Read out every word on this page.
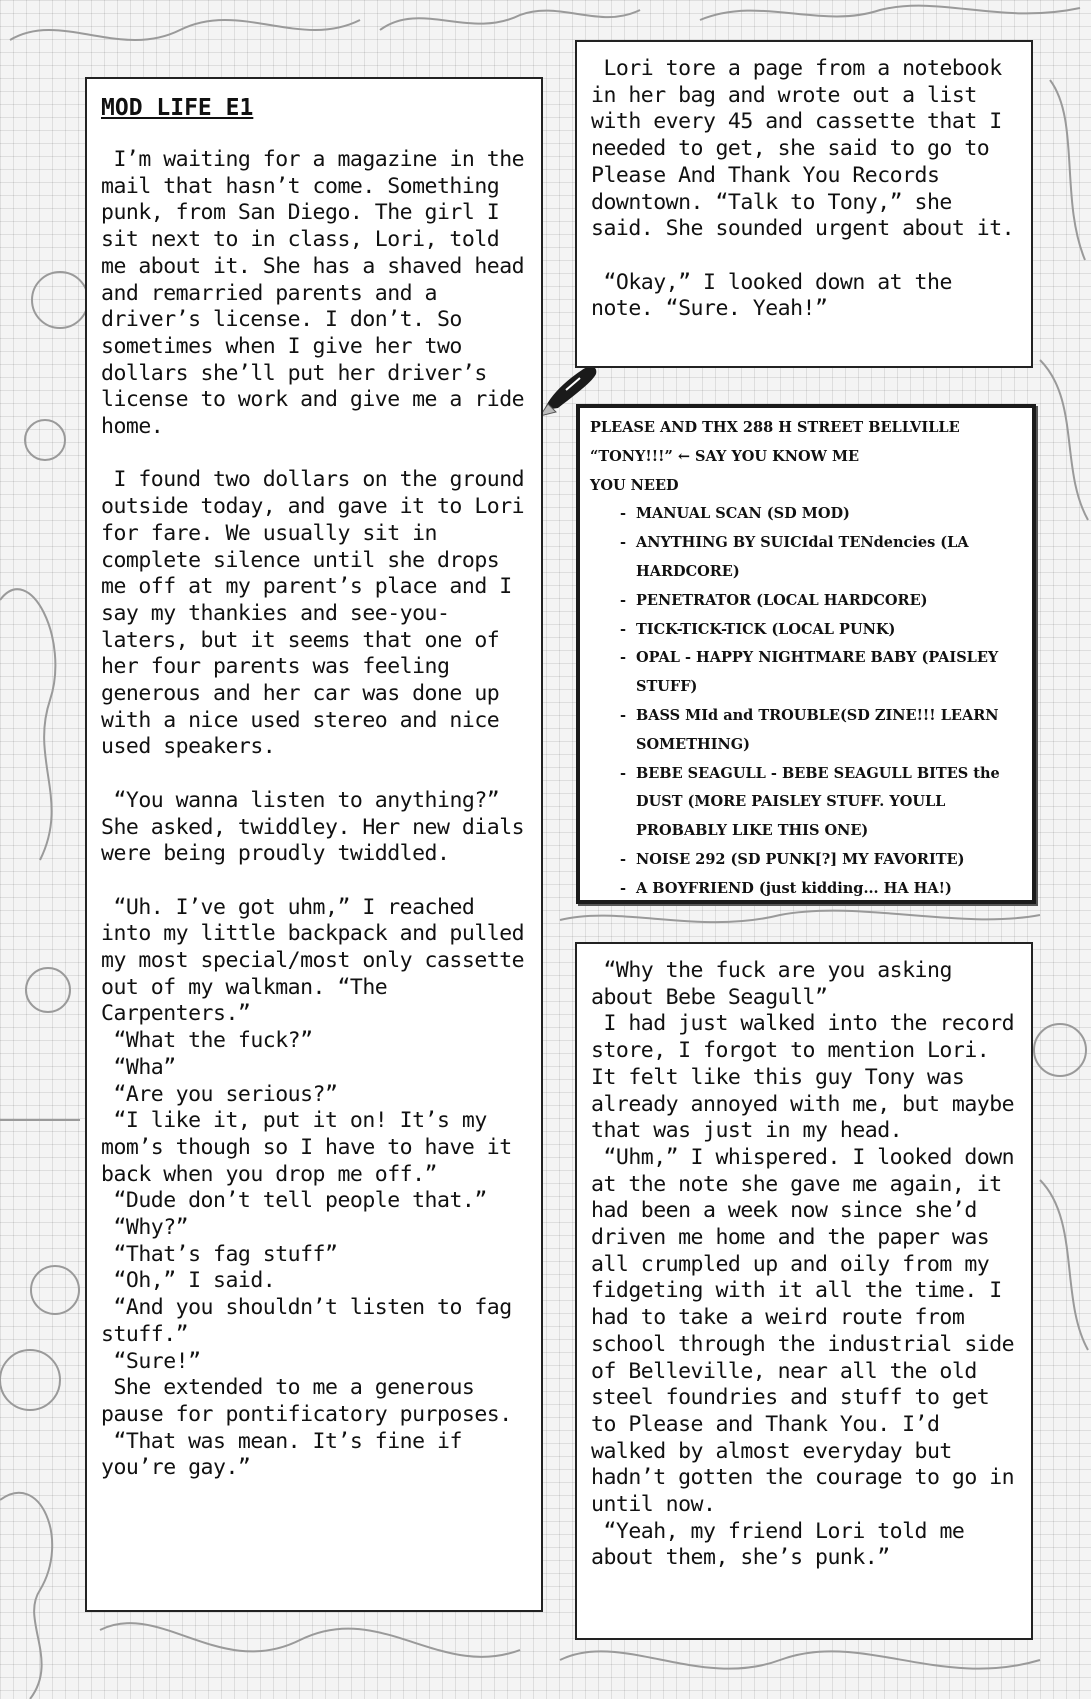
MOD LIFE E1

I’m waiting for a magazine in the mail that hasn’t come. Something punk, from San Diego. The girl I sit next to in class, Lori, told me about it. She has a shaved head and remarried parents and a driver’s license. I don’t. So sometimes when I give her two dollars she’ll put her driver’s license to work and give me a ride home.

I found two dollars on the ground outside today, and gave it to Lori for fare. We usually sit in complete silence until she drops me off at my parent’s place and I say my thankies and see-you-laters, but it seems that one of her four parents was feeling generous and her car was done up with a nice used stereo and nice used speakers.

“You wanna listen to anything?” She asked, twiddley. Her new dials were being proudly twiddled.

“Uh. I’ve got uhm,” I reached into my little backpack and pulled my most special/most only cassette out of my walkman. “The Carpenters.”
“What the fuck?”
“Wha”
“Are you serious?”
“I like it, put it on! It’s my mom’s though so I have to have it back when you drop me off.”
“Dude don’t tell people that.”
“Why?”
“That’s fag stuff”
“Oh,” I said.
“And you shouldn’t listen to fag stuff.”
“Sure!”
She extended to me a generous pause for pontificatory purposes.
“That was mean. It’s fine if you’re gay.”

Lori tore a page from a notebook in her bag and wrote out a list with every 45 and cassette that I needed to get, she said to go to Please And Thank You Records downtown. “Talk to Tony,” she said. She sounded urgent about it.

“Okay,” I looked down at the note. “Sure. Yeah!”

PLEASE AND THX 288 H STREET BELLVILLE

“TONY!!!” ← SAY YOU KNOW ME

YOU NEED

- MANUAL SCAN (SD MOD)
- ANYTHING BY SUICIdal TENdencies (LA HARDCORE)
- PENETRATOR (LOCAL HARDCORE)
- TICK-TICK-TICK (LOCAL PUNK)
- OPAL - HAPPY NIGHTMARE BABY (PAISLEY STUFF)
- BASS MId and TROUBLE(SD ZINE!!! LEARN SOMETHING)
- BEBE SEAGULL - BEBE SEAGULL BITES the DUST (MORE PAISLEY STUFF. YOULL PROBABLY LIKE THIS ONE)
- NOISE 292 (SD PUNK[?] MY FAVORITE)
- A BOYFRIEND (just kidding... HA HA!)

“Why the fuck are you asking about Bebe Seagull”
I had just walked into the record store, I forgot to mention Lori. It felt like this guy Tony was already annoyed with me, but maybe that was just in my head.
“Uhm,” I whispered. I looked down at the note she gave me again, it had been a week now since she’d driven me home and the paper was all crumpled up and oily from my fidgeting with it all the time. I had to take a weird route from school through the industrial side of Belleville, near all the old steel foundries and stuff to get to Please and Thank You. I’d walked by almost everyday but hadn’t gotten the courage to go in until now.
“Yeah, my friend Lori told me about them, she’s punk.”
